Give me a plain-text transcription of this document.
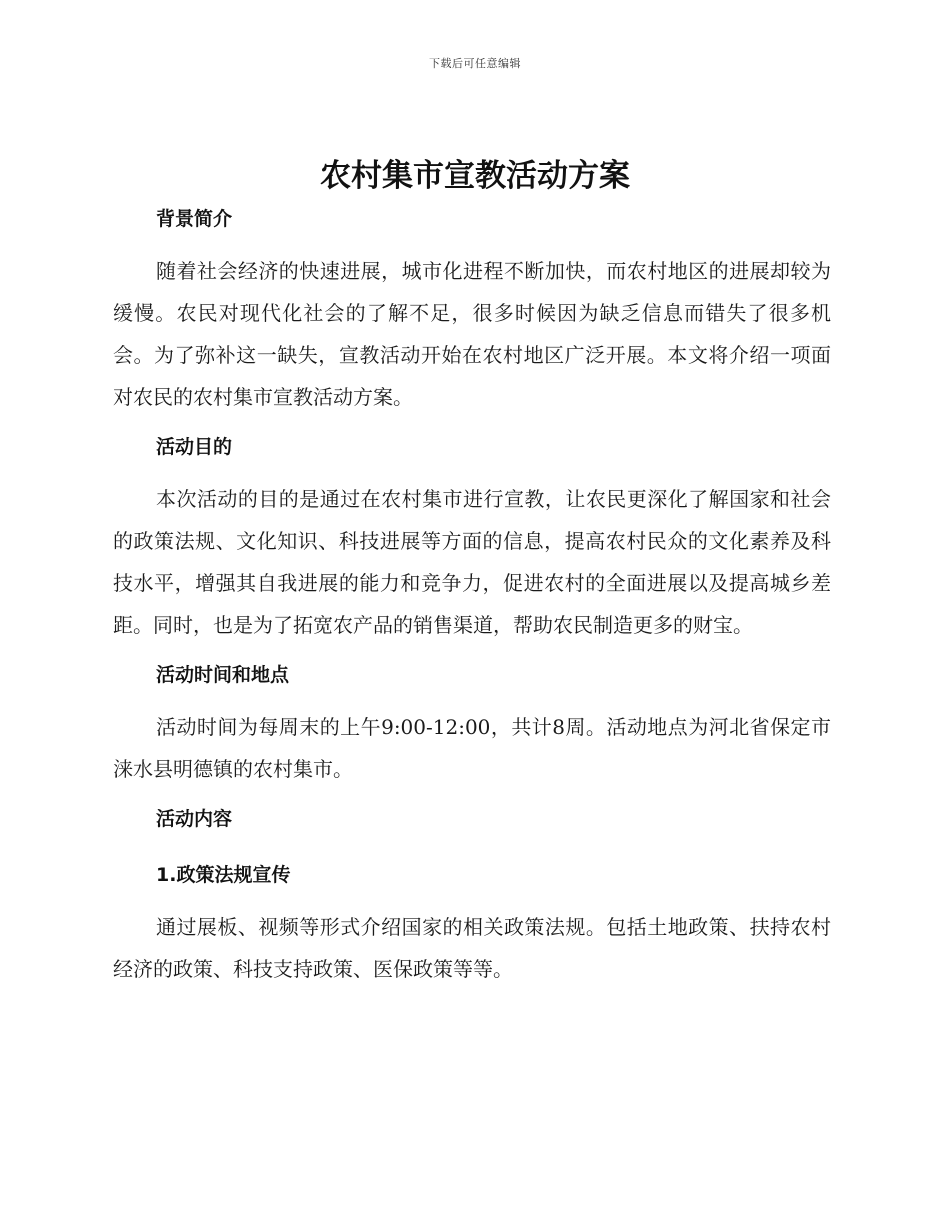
下载后可任意编辑
农村集市宣教活动方案
背景简介

随着社会经济的快速进展，城市化进程不断加快，而农村地区的进展却较为缓慢。农民对现代化社会的了解不足，很多时候因为缺乏信息而错失了很多机会。为了弥补这一缺失，宣教活动开始在农村地区广泛开展。本文将介绍一项面对农民的农村集市宣教活动方案。

活动目的

本次活动的目的是通过在农村集市进行宣教，让农民更深化了解国家和社会的政策法规、文化知识、科技进展等方面的信息，提高农村民众的文化素养及科技水平，增强其自我进展的能力和竞争力，促进农村的全面进展以及提高城乡差距。同时，也是为了拓宽农产品的销售渠道，帮助农民制造更多的财宝。

活动时间和地点

活动时间为每周末的上午9:00-12:00，共计8周。活动地点为河北省保定市涞水县明德镇的农村集市。

活动内容
1.政策法规宣传

通过展板、视频等形式介绍国家的相关政策法规。包括土地政策、扶持农村经济的政策、科技支持政策、医保政策等等。
